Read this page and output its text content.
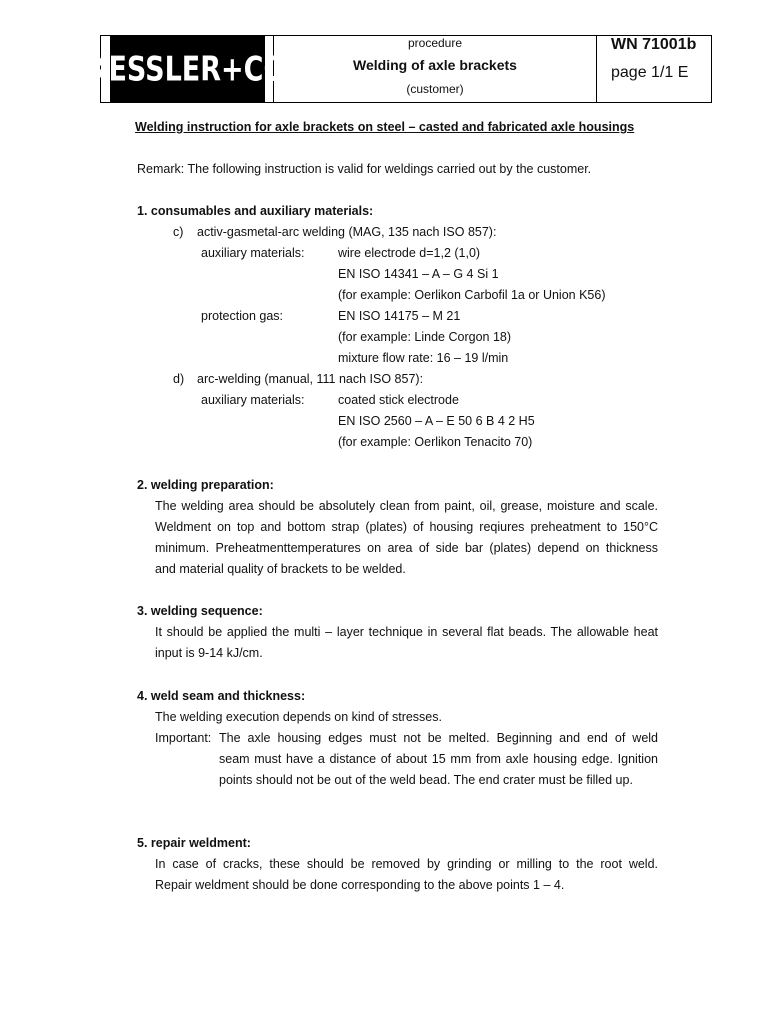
KESSLER+CO
procedure
Welding of axle brackets
(customer)
WN 71001b
page 1/1 E
Welding instruction for axle brackets on steel – casted and fabricated axle housings
Remark: The following instruction is valid for weldings carried out by the customer.
1. consumables and auxiliary materials:
c) activ-gasmetal-arc welding (MAG, 135 nach ISO 857):
auxiliary materials:	wire electrode d=1,2 (1,0)
EN ISO 14341 – A – G 4 Si 1
(for example: Oerlikon Carbofil 1a or Union K56)
protection gas:	EN ISO 14175 – M 21
(for example: Linde Corgon 18)
mixture flow rate: 16 – 19 l/min
d) arc-welding (manual, 111 nach ISO 857):
auxiliary materials:	coated stick electrode
EN ISO 2560 – A – E 50 6 B 4 2 H5
(for example: Oerlikon Tenacito 70)
2. welding preparation:
The welding area should be absolutely clean from paint, oil, grease, moisture and scale.
Weldment on top and bottom strap (plates) of housing reqiures preheatment to 150°C
minimum. Preheatmenttemperatures on area of side bar (plates) depend on thickness
and material quality of brackets to be welded.
3. welding sequence:
It should be applied the multi – layer technique in several flat beads. The allowable heat
input is 9-14 kJ/cm.
4. weld seam and thickness:
The welding execution depends on kind of stresses.
Important: The axle housing edges must not be melted. Beginning and end of weld
seam must have a distance of about 15 mm from axle housing edge. Ignition
points should not be out of the weld bead. The end crater must be filled up.
5. repair weldment:
In case of cracks, these should be removed by grinding or milling to the root weld.
Repair weldment should be done corresponding to the above points 1 – 4.
